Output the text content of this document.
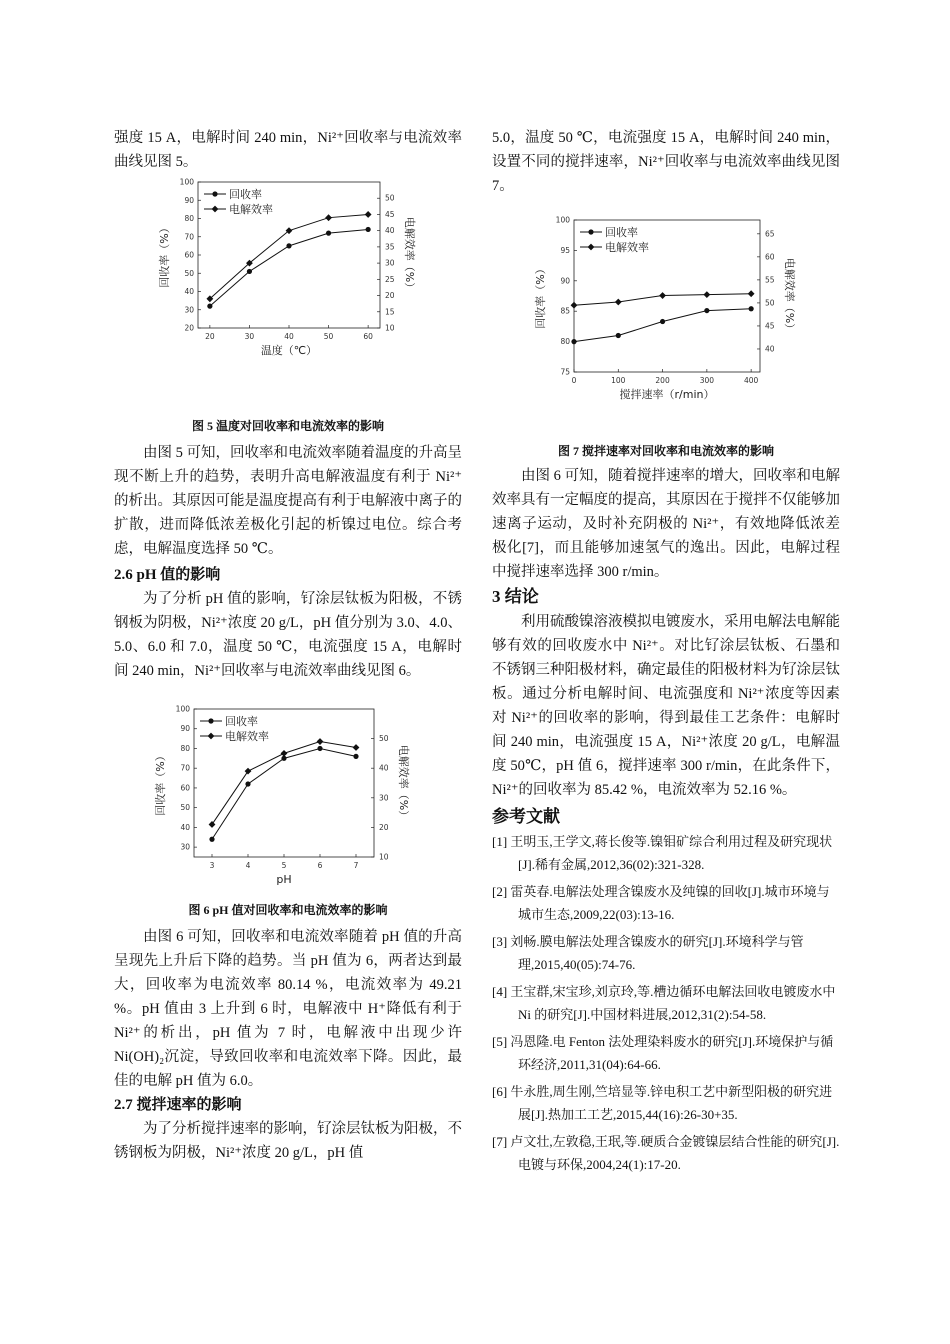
强度 15 A，电解时间 240 min，Ni²⁺回收率与电流效率曲线见图 5。

20
30
40
50
60
70
80
90
100
10
15
20
25
30
35
40
45
50
20	30	40	50	60
温度（℃）
回收率（%）	电解效率（%）
回收率
电解效率

图 5 温度对回收率和电流效率的影响

由图 5 可知，回收率和电流效率随着温度的升高呈现不断上升的趋势，表明升高电解液温度有利于 Ni²⁺的析出。其原因可能是温度提高有利于电解液中离子的扩散，进而降低浓差极化引起的析镍过电位。综合考虑，电解温度选择 50 ℃。

2.6 pH 值的影响

为了分析 pH 值的影响，钌涂层钛板为阳极，不锈钢板为阴极，Ni²⁺浓度 20 g/L，pH 值分别为 3.0、4.0、5.0、6.0 和 7.0，温度 50 ℃，电流强度 15 A，电解时间 240 min，Ni²⁺回收率与电流效率曲线见图 6。

30
40
50
60
70
80
90
100
10
20
30
40
50
3	4	5	6	7
pH
回收率（%）	电解效率（%）
回收率
电解效率

图 6 pH 值对回收率和电流效率的影响

由图 6 可知，回收率和电流效率随着 pH 值的升高呈现先上升后下降的趋势。当 pH 值为 6，两者达到最大，回收率为电流效率 80.14 %，电流效率为 49.21 %。pH 值由 3 上升到 6 时，电解液中 H⁺降低有利于 Ni²⁺的析出，pH 值为 7 时，电解液中出现少许 Ni(OH)₂沉淀，导致回收率和电流效率下降。因此，最佳的电解 pH 值为 6.0。

2.7 搅拌速率的影响

为了分析搅拌速率的影响，钌涂层钛板为阳极，不锈钢板为阴极，Ni²⁺浓度 20 g/L，pH 值

5.0，温度 50 ℃，电流强度 15 A，电解时间 240 min，设置不同的搅拌速率，Ni²⁺回收率与电流效率曲线见图 7。

75
80
85
90
95
100
40
45
50
55
60
65
0	100	200	300	400
搅拌速率（r/min）
回收率（%）	电解效率（%）
回收率
电解效率

图 7 搅拌速率对回收率和电流效率的影响

由图 6 可知，随着搅拌速率的增大，回收率和电解效率具有一定幅度的提高，其原因在于搅拌不仅能够加速离子运动，及时补充阴极的 Ni²⁺，有效地降低浓差极化[7]，而且能够加速氢气的逸出。因此，电解过程中搅拌速率选择 300 r/min。

3 结论

利用硫酸镍溶液模拟电镀废水，采用电解法电解能够有效的回收废水中 Ni²⁺。对比钌涂层钛板、石墨和不锈钢三种阳极材料，确定最佳的阳极材料为钌涂层钛板。通过分析电解时间、电流强度和 Ni²⁺浓度等因素对 Ni²⁺的回收率的影响，得到最佳工艺条件：电解时间 240 min，电流强度 15 A，Ni²⁺浓度 20 g/L，电解温度 50℃，pH 值 6，搅拌速率 300 r/min，在此条件下，Ni²⁺的回收率为 85.42 %，电流效率为 52.16 %。

参考文献

[1] 王明玉,王学文,蒋长俊等.镍钼矿综合利用过程及研究现状[J].稀有金属,2012,36(02):321-328.

[2] 雷英春.电解法处理含镍废水及纯镍的回收[J].城市环境与城市生态,2009,22(03):13-16.

[3] 刘畅.膜电解法处理含镍废水的研究[J].环境科学与管理,2015,40(05):74-76.

[4] 王宝群,宋宝珍,刘京玲,等.槽边循环电解法回收电镀废水中 Ni 的研究[J].中国材料进展,2012,31(2):54-58.

[5] 冯恩隆.电 Fenton 法处理染料废水的研究[J].环境保护与循环经济,2011,31(04):64-66.

[6] 牛永胜,周生刚,竺培显等.锌电积工艺中新型阳极的研究进展[J].热加工工艺,2015,44(16):26-30+35.

[7] 卢文壮,左敦稳,王珉,等.硬质合金镀镍层结合性能的研究[J].电镀与环保,2004,24(1):17-20.
